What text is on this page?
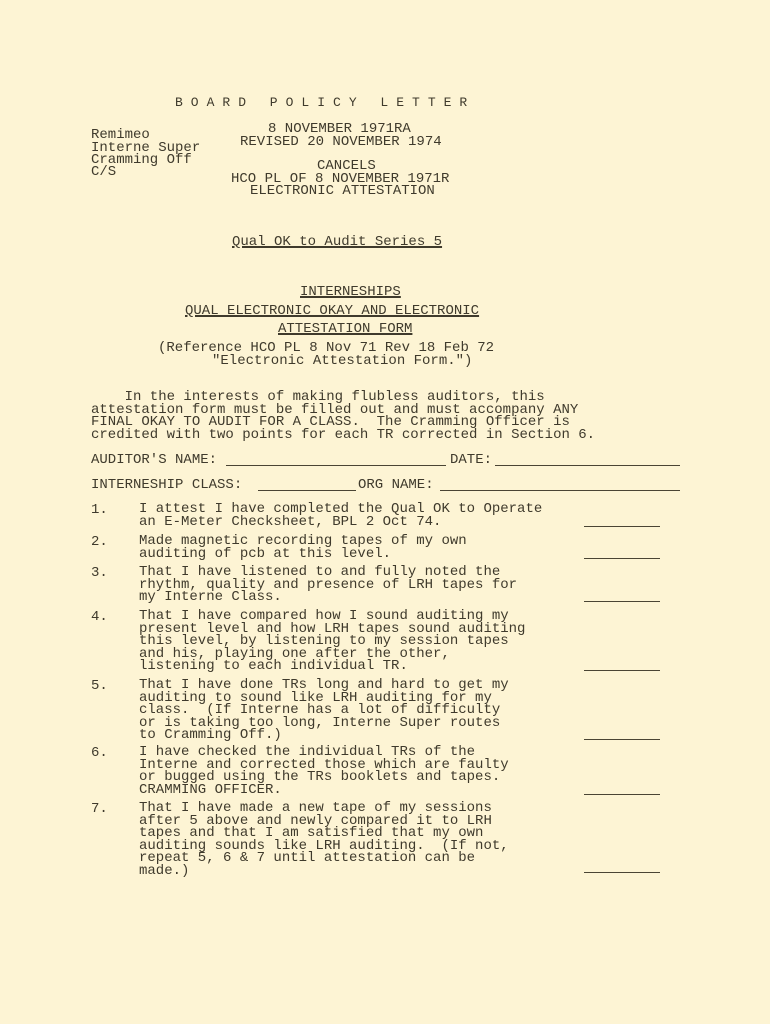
BOARD POLICY LETTER
Remimeo
Interne Super
Cramming Off
C/S
8 NOVEMBER 1971RA
REVISED 20 NOVEMBER 1974
CANCELS
HCO PL OF 8 NOVEMBER 1971R
ELECTRONIC ATTESTATION
Qual OK to Audit Series 5
INTERNESHIPS
QUAL ELECTRONIC OKAY AND ELECTRONIC
ATTESTATION FORM
(Reference HCO PL 8 Nov 71 Rev 18 Feb 72
"Electronic Attestation Form.")
In the interests of making flubless auditors, this
attestation form must be filled out and must accompany ANY
FINAL OKAY TO AUDIT FOR A CLASS.  The Cramming Officer is
credited with two points for each TR corrected in Section 6.
AUDITOR'S NAME:	DATE:
INTERNESHIP CLASS:	ORG NAME:
1. I attest I have completed the Qual OK to Operate
an E-Meter Checksheet, BPL 2 Oct 74.
2. Made magnetic recording tapes of my own
auditing of pcb at this level.
3. That I have listened to and fully noted the
rhythm, quality and presence of LRH tapes for
my Interne Class.
4. That I have compared how I sound auditing my
present level and how LRH tapes sound auditing
this level, by listening to my session tapes
and his, playing one after the other,
listening to each individual TR.
5. That I have done TRs long and hard to get my
auditing to sound like LRH auditing for my
class.  (If Interne has a lot of difficulty
or is taking too long, Interne Super routes
to Cramming Off.)
6. I have checked the individual TRs of the
Interne and corrected those which are faulty
or bugged using the TRs booklets and tapes.
CRAMMING OFFICER.
7. That I have made a new tape of my sessions
after 5 above and newly compared it to LRH
tapes and that I am satisfied that my own
auditing sounds like LRH auditing.  (If not,
repeat 5, 6 & 7 until attestation can be
made.)
